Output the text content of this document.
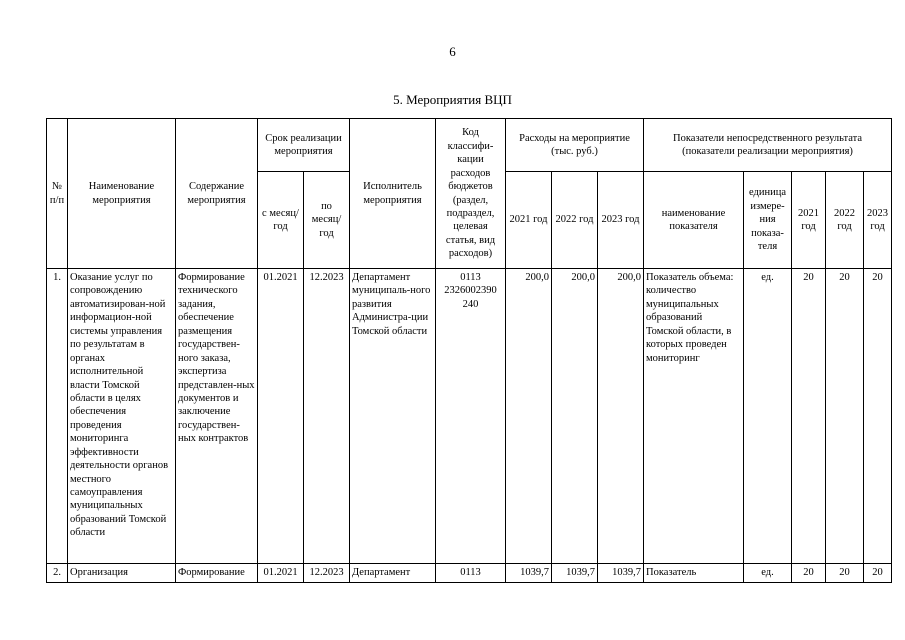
6
5. Мероприятия ВЦП
№ п/п	Наименование мероприятия	Содержание мероприятия	Срок реализации мероприятия		Исполнитель мероприятия	Код классифи-кации расходов бюджетов (раздел, подраздел, целевая статья, вид расходов)	Расходы на мероприятие (тыс. руб.)			Показатели непосредственного результата (показатели реализации мероприятия)				
			с месяц/ год	по месяц/ год			2021 год	2022 год	2023 год	наименование показателя	единица измере-ния показа-теля	2021 год	2022 год	2023 год
1.	Оказание услуг по сопровождению автоматизирован-ной информацион-ной системы управления по результатам в органах исполнительной власти Томской области в целях обеспечения проведения мониторинга эффективности деятельности органов местного самоуправления муниципальных образований Томской области	Формирование технического задания, обеспечение размещения государствен-ного заказа, экспертиза представлен-ных документов и заключение государствен-ных контрактов	01.2021	12.2023	Департамент муниципаль-ного развития Администра-ции Томской области	0113 2326002390 240	200,0	200,0	200,0	Показатель объема: количество муниципальных образований Томской области, в которых проведен мониторинг	ед.	20	20	20
2.	Организация	Формирование	01.2021	12.2023	Департамент	0113	1039,7	1039,7	1039,7	Показатель	ед.	20	20	20
